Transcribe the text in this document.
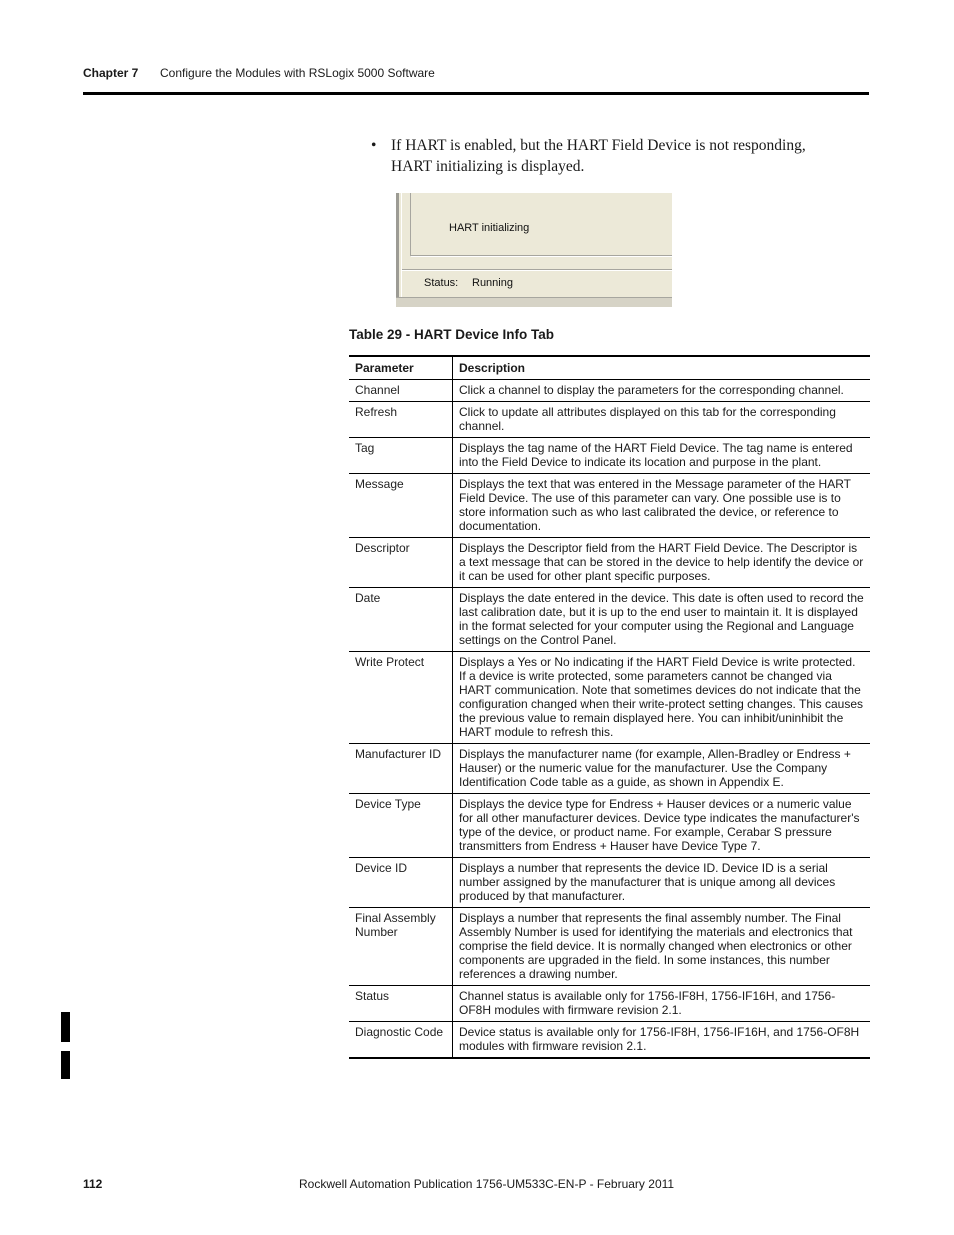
Chapter 7 Configure the Modules with RSLogix 5000 Software
• If HART is enabled, but the HART Field Device is not responding, HART initializing is displayed.
HART initializing
Status: Running
Table 29 - HART Device Info Tab
Parameter	Description
Channel	Click a channel to display the parameters for the corresponding channel.
Refresh	Click to update all attributes displayed on this tab for the corresponding channel.
Tag	Displays the tag name of the HART Field Device. The tag name is entered into the Field Device to indicate its location and purpose in the plant.
Message	Displays the text that was entered in the Message parameter of the HART Field Device. The use of this parameter can vary. One possible use is to store information such as who last calibrated the device, or reference to documentation.
Descriptor	Displays the Descriptor field from the HART Field Device. The Descriptor is a text message that can be stored in the device to help identify the device or it can be used for other plant specific purposes.
Date	Displays the date entered in the device. This date is often used to record the last calibration date, but it is up to the end user to maintain it. It is displayed in the format selected for your computer using the Regional and Language settings on the Control Panel.
Write Protect	Displays a Yes or No indicating if the HART Field Device is write protected. If a device is write protected, some parameters cannot be changed via HART communication. Note that sometimes devices do not indicate that the configuration changed when their write-protect setting changes. This causes the previous value to remain displayed here. You can inhibit/uninhibit the HART module to refresh this.
Manufacturer ID	Displays the manufacturer name (for example, Allen-Bradley or Endress + Hauser) or the numeric value for the manufacturer. Use the Company Identification Code table as a guide, as shown in Appendix E.
Device Type	Displays the device type for Endress + Hauser devices or a numeric value for all other manufacturer devices. Device type indicates the manufacturer's type of the device, or product name. For example, Cerabar S pressure transmitters from Endress + Hauser have Device Type 7.
Device ID	Displays a number that represents the device ID. Device ID is a serial number assigned by the manufacturer that is unique among all devices produced by that manufacturer.
Final Assembly Number	Displays a number that represents the final assembly number. The Final Assembly Number is used for identifying the materials and electronics that comprise the field device. It is normally changed when electronics or other components are upgraded in the field. In some instances, this number references a drawing number.
Status	Channel status is available only for 1756-IF8H, 1756-IF16H, and 1756-OF8H modules with firmware revision 2.1.
Diagnostic Code	Device status is available only for 1756-IF8H, 1756-IF16H, and 1756-OF8H modules with firmware revision 2.1.
112	Rockwell Automation Publication 1756-UM533C-EN-P - February 2011
